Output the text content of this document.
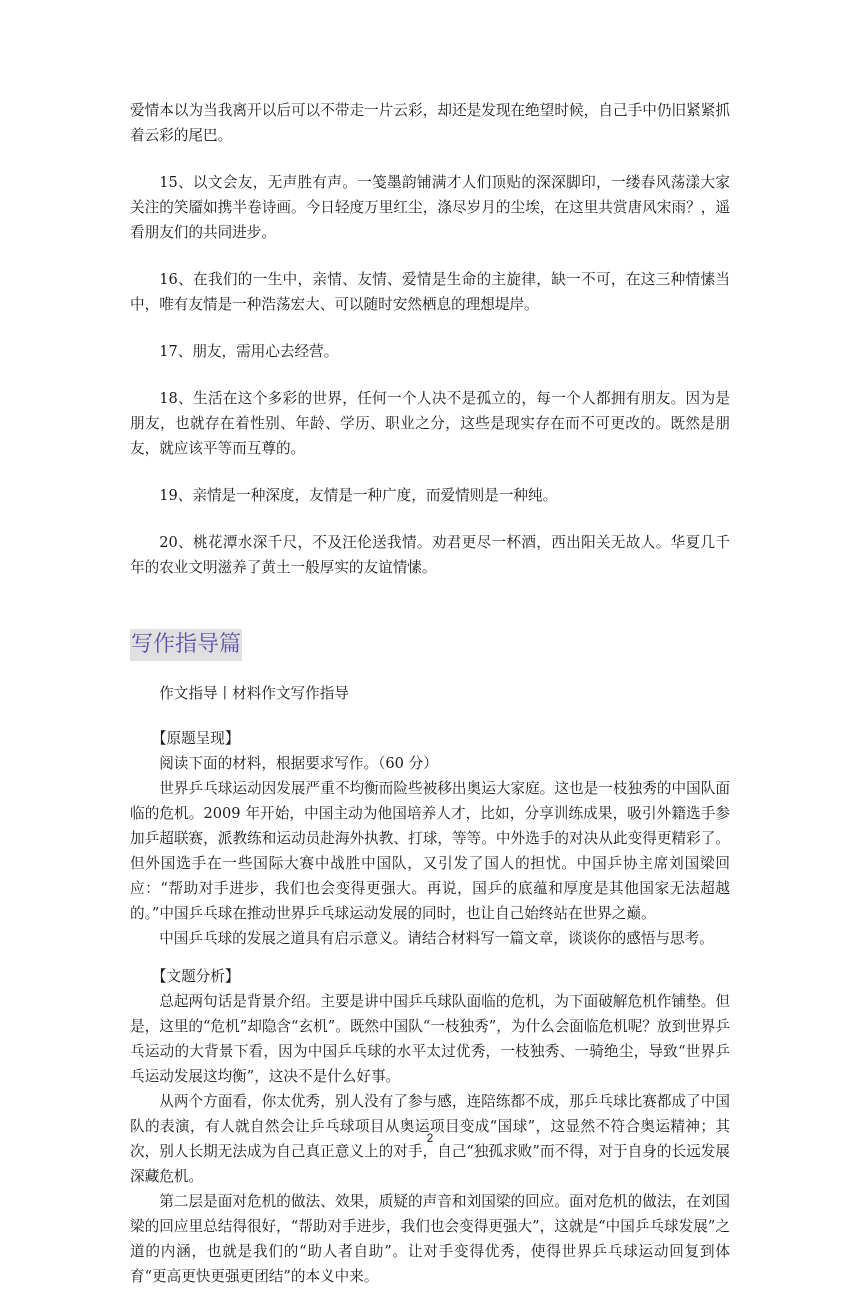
爱情本以为当我离开以后可以不带走一片云彩，却还是发现在绝望时候，自己手中仍旧紧紧抓着云彩的尾巴。

15、以文会友，无声胜有声。一笺墨韵铺满才人们顶贴的深深脚印，一缕春风荡漾大家关注的笑靥如携半卷诗画。今日轻度万里红尘，涤尽岁月的尘埃，在这里共赏唐风宋雨？，遥看朋友们的共同进步。

16、在我们的一生中，亲情、友情、爱情是生命的主旋律，缺一不可，在这三种情愫当中，唯有友情是一种浩荡宏大、可以随时安然栖息的理想堤岸。

17、朋友，需用心去经营。

18、生活在这个多彩的世界，任何一个人决不是孤立的，每一个人都拥有朋友。因为是朋友，也就存在着性别、年龄、学历、职业之分，这些是现实存在而不可更改的。既然是朋友，就应该平等而互尊的。

19、亲情是一种深度，友情是一种广度，而爱情则是一种纯。

20、桃花潭水深千尺，不及汪伦送我情。劝君更尽一杯酒，西出阳关无故人。华夏几千年的农业文明滋养了黄土一般厚实的友谊情愫。

写作指导篇

作文指导丨材料作文写作指导

【原题呈现】

阅读下面的材料，根据要求写作。（60 分）

世界乒乓球运动因发展严重不均衡而险些被移出奥运大家庭。这也是一枝独秀的中国队面临的危机。2009 年开始，中国主动为他国培养人才，比如，分享训练成果，吸引外籍选手参加乒超联赛，派教练和运动员赴海外执教、打球，等等。中外选手的对决从此变得更精彩了。但外国选手在一些国际大赛中战胜中国队，又引发了国人的担忧。中国乒协主席刘国梁回应：“帮助对手进步，我们也会变得更强大。再说，国乒的底蕴和厚度是其他国家无法超越的。”中国乒乓球在推动世界乒乓球运动发展的同时，也让自己始终站在世界之巅。

中国乒乓球的发展之道具有启示意义。请结合材料写一篇文章，谈谈你的感悟与思考。

【文题分析】

总起两句话是背景介绍。主要是讲中国乒乓球队面临的危机，为下面破解危机作铺垫。但是，这里的“危机”却隐含“玄机”。既然中国队“一枝独秀”，为什么会面临危机呢？放到世界乒乓运动的大背景下看，因为中国乒乓球的水平太过优秀，一枝独秀、一骑绝尘，导致“世界乒乓运动发展这均衡”，这决不是什么好事。

从两个方面看，你太优秀，别人没有了参与感，连陪练都不成，那乒乓球比赛都成了中国队的表演，有人就自然会让乒乓球项目从奥运项目变成“国球”，这显然不符合奥运精神；其次，别人长期无法成为自己真正意义上的对手，自己“独孤求败”而不得，对于自身的长远发展深藏危机。

第二层是面对危机的做法、效果，质疑的声音和刘国梁的回应。面对危机的做法，在刘国梁的回应里总结得很好，“帮助对手进步，我们也会变得更强大”，这就是“中国乒乓球发展”之道的内涵，也就是我们的“助人者自助”。让对手变得优秀，使得世界乒乓球运动回复到体育“更高更快更强更团结”的本义中来。

2
